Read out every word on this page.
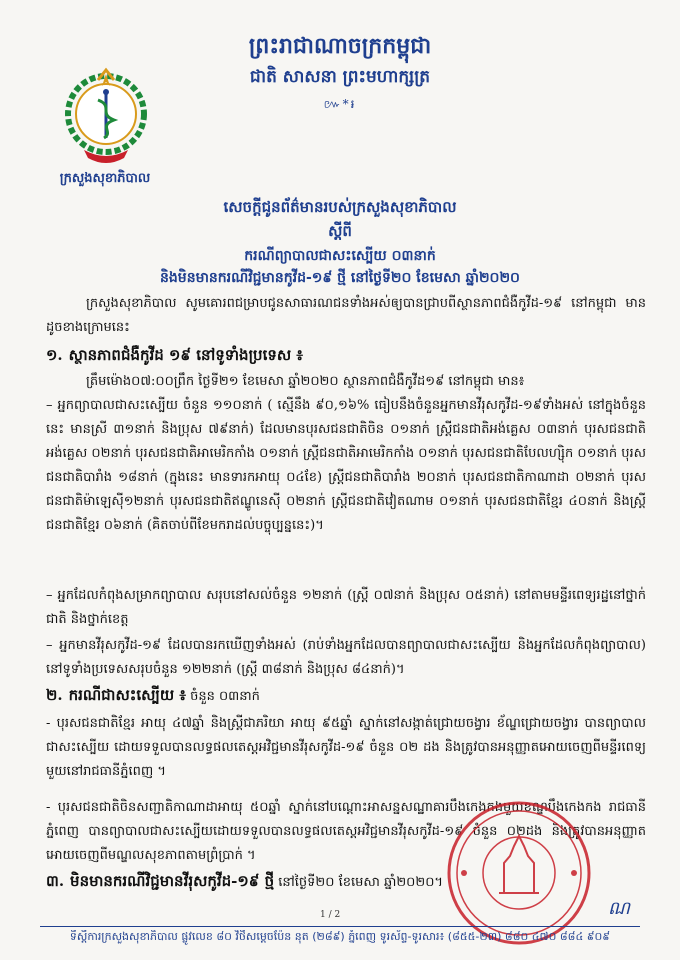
ព្រះរាជាណាចក្រកម្ពុជា
ជាតិ សាសនា ព្រះមហាក្សត្រ
៚*៛
ក្រសួងសុខាភិបាល
សេចក្តីជូនព័ត៌មានរបស់ក្រសួងសុខាភិបាល
ស្តីពី
ករណីព្យាបាលជាសះស្បើយ ០៣នាក់
និងមិនមានករណីវិជ្ជមានកូវីដ-១៩ ថ្មី នៅថ្ងៃទី២០ ខែមេសា ឆ្នាំ២០២០
ក្រសួងសុខាភិបាល សូមគោរពជម្រាបជូនសាធារណជនទាំងអស់ឲ្យបានជ្រាបពីស្ថានភាពជំងឺកូវីដ-១៩ នៅកម្ពុជា មានដូចខាងក្រោមនេះ
១. ស្ថានភាពជំងឺកូវីដ ១៩ នៅទូទាំងប្រទេស ៖
ត្រឹមម៉ោង០៧:០០ព្រឹក ថ្ងៃទី២១ ខែមេសា ឆ្នាំ២០២០ ស្ថានភាពជំងឺកូវីដ១៩ នៅកម្ពុជា មាន៖
– អ្នកព្យាបាលជាសះស្បើយ ចំនួន ១១០នាក់ ( ស្មើនឹង ៩០,១៦% ធៀបនឹងចំនួនអ្នកមានវីរុសកូវីដ-១៩ទាំងអស់ នៅក្នុងចំនួននេះ មានស្រី ៣១នាក់ និងប្រុស ៧៩នាក់) ដែលមានបុរសជនជាតិចិន ០១នាក់ ស្រ្តីជនជាតិអង់គ្លេស ០៣នាក់ បុរសជនជាតិអង់គ្លេស ០២នាក់ បុរសជនជាតិអាមេរិកកាំង ០១នាក់ ស្រ្តីជនជាតិអាមេរិកកាំង ០១នាក់ បុរសជនជាតិបែលហ្ស៊ិក ០១នាក់ បុរសជនជាតិបារាំង ១៨នាក់ (ក្នុងនេះ មានទារកអាយុ ០៤ខែ) ស្រ្តីជនជាតិបារាំង ២០នាក់ បុរសជនជាតិកាណាដា ០២នាក់ បុរសជនជាតិម៉ាឡេស៊ី១២នាក់ បុរសជនជាតិឥណ្ឌូនេស៊ី ០២នាក់ ស្រ្តីជនជាតិវៀតណាម ០១នាក់ បុរសជនជាតិខ្មែរ ៤០នាក់ និងស្រ្តីជនជាតិខ្មែរ ០៦នាក់ (គិតចាប់ពីខែមករាដល់បច្ចុប្បន្ននេះ)។
– អ្នកដែលកំពុងសម្រាកព្យាបាល សរុបនៅសល់ចំនួន ១២នាក់ (ស្រ្តី ០៧នាក់ និងប្រុស ០៥នាក់) នៅតាមមន្ទីរពេទ្យរដ្ឋនៅថ្នាក់ជាតិ និងថ្នាក់ខេត្ត
– អ្នកមានវីរុសកូវីដ-១៩ ដែលបានរកឃើញទាំងអស់ (រាប់ទាំងអ្នកដែលបានព្យាបាលជាសះស្បើយ និងអ្នកដែលកំពុងព្យាបាល) នៅទូទាំងប្រទេសសរុបចំនួន ១២២នាក់ (ស្រ្តី ៣៨នាក់ និងប្រុស ៨៤នាក់)។
២. ករណីជាសះស្បើយ ៖ ចំនួន ០៣នាក់
- បុរសជនជាតិខ្មែរ អាយុ ៤៧ឆ្នាំ និងស្រ្តីជាភរិយា អាយុ ៩៥ឆ្នាំ ស្នាក់នៅសង្កាត់ជ្រោយចង្វារ ខ័ណ្ឌជ្រោយចង្វារ បានព្យាបាលជាសះស្បើយ ដោយទទួលបានលទ្ធផលតេស្តអវិជ្ជមានវីរុសកូវីដ-១៩ ចំនួន ០២ ដង និងត្រូវបានអនុញ្ញាតអោយចេញពីមន្ទីរពេទ្យមួយនៅរាជធានីភ្នំពេញ ។
- បុរសជនជាតិចិនសញ្ជាតិកាណាដាអាយុ ៥០ឆ្នាំ ស្នាក់នៅបណ្ដោះអាសន្នសណ្ឋាគារបឹងកេងកងមួយខណ្ឌបឹងកេងកង រាជធានីភ្នំពេញ បានព្យាបាលជាសះស្បើយដោយទទួលបានលទ្ធផលតេស្តអវិជ្ជមានវីរុសកូវីដ-១៩ ចំនួន ០២ដង និងត្រូវបានអនុញ្ញាតអោយចេញពីមណ្ឌលសុខភាពតាមព្រំប្រាក់ ។
៣. មិនមានករណីវិជ្ជមានវីរុសកូវីដ-១៩ ថ្មី នៅថ្ងៃទី២០ ខែមេសា ឆ្នាំ២០២០។
1 / 2	ណ
ទីស្តីការក្រសួងសុខាភិបាល ផ្លូវលេខ ៨០ វិថីសម្ដេចប៉ែន នុត (២៨៩) ភ្នំពេញ ទូរស័ព្ទ-ទូរសារ៖ (៨៥៥-២៣) ៨៨០ ៤៧០ ៨៨៤ ៩០៩
